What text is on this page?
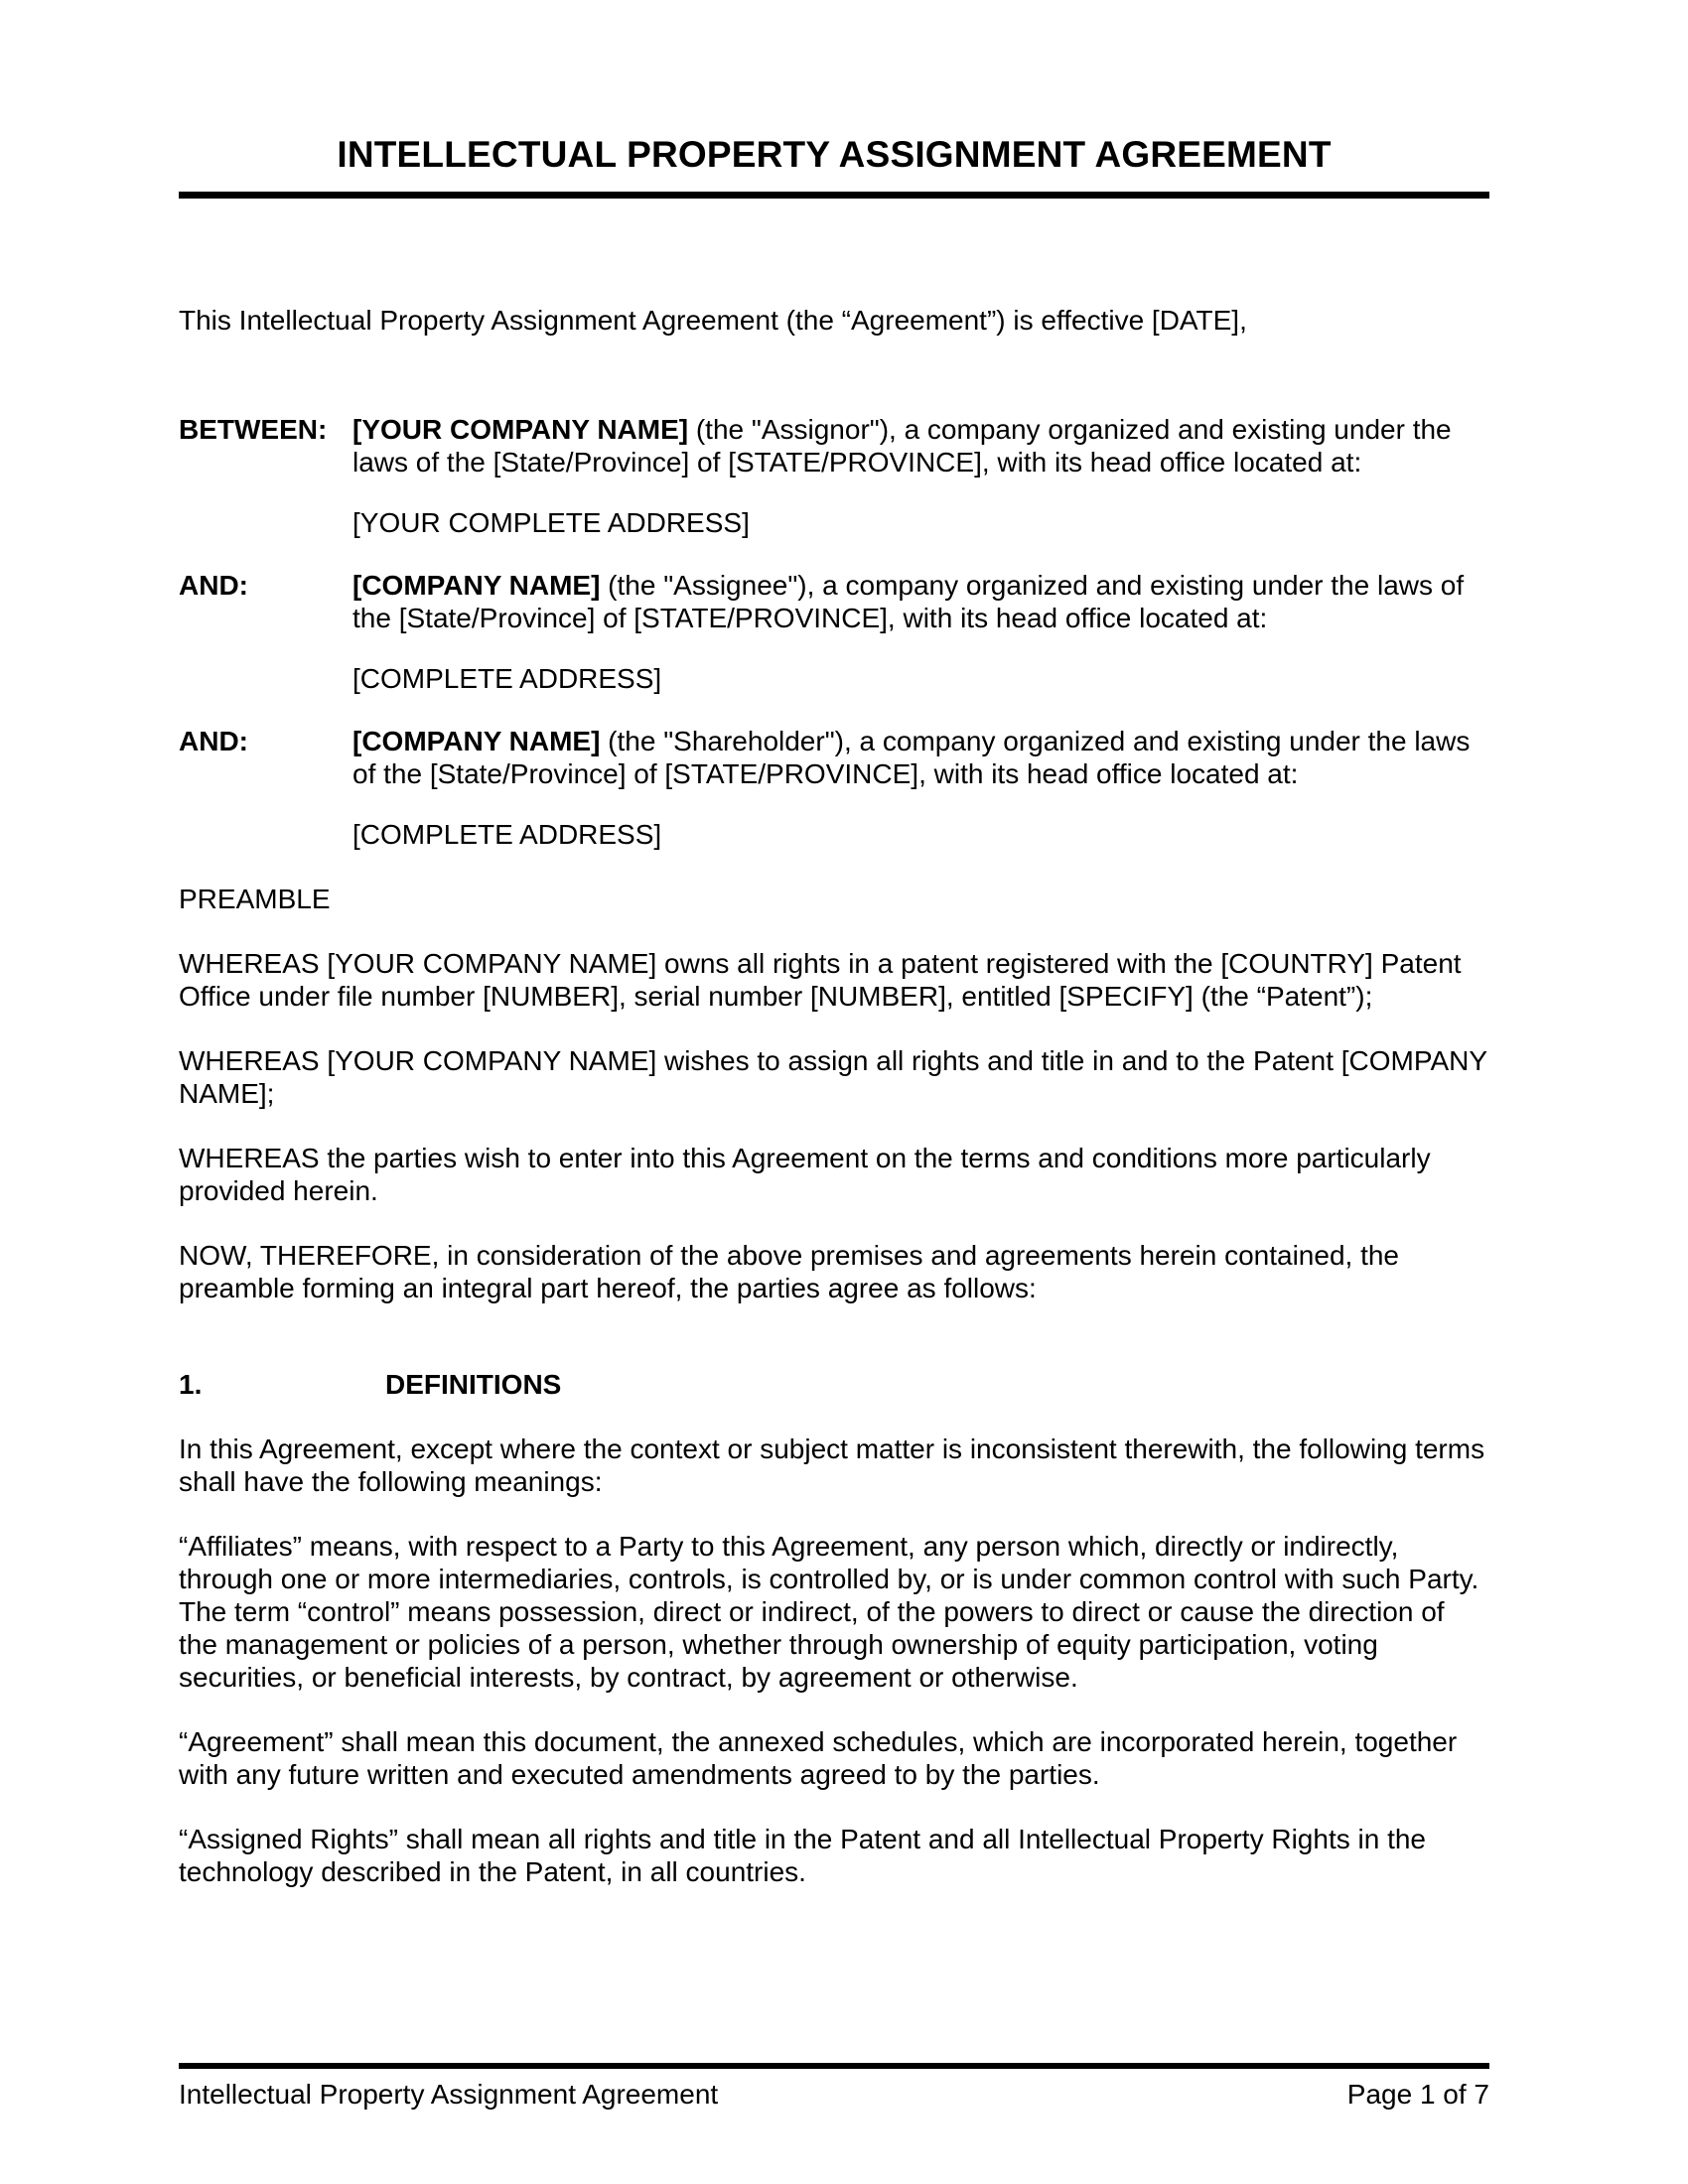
INTELLECTUAL PROPERTY ASSIGNMENT AGREEMENT

This Intellectual Property Assignment Agreement (the “Agreement”) is effective [DATE],

BETWEEN: [YOUR COMPANY NAME] (the "Assignor"), a company organized and existing under the laws of the [State/Province] of [STATE/PROVINCE], with its head office located at:

[YOUR COMPLETE ADDRESS]

AND:	[COMPANY NAME] (the "Assignee"), a company organized and existing under the laws of the [State/Province] of [STATE/PROVINCE], with its head office located at:

[COMPLETE ADDRESS]

AND:	[COMPANY NAME] (the "Shareholder"), a company organized and existing under the laws of the [State/Province] of [STATE/PROVINCE], with its head office located at:

[COMPLETE ADDRESS]

PREAMBLE

WHEREAS [YOUR COMPANY NAME] owns all rights in a patent registered with the [COUNTRY] Patent Office under file number [NUMBER], serial number [NUMBER], entitled [SPECIFY] (the “Patent”);

WHEREAS [YOUR COMPANY NAME] wishes to assign all rights and title in and to the Patent [COMPANY NAME];

WHEREAS the parties wish to enter into this Agreement on the terms and conditions more particularly provided herein.

NOW, THEREFORE, in consideration of the above premises and agreements herein contained, the preamble forming an integral part hereof, the parties agree as follows:

1.	DEFINITIONS

In this Agreement, except where the context or subject matter is inconsistent therewith, the following terms shall have the following meanings:

“Affiliates” means, with respect to a Party to this Agreement, any person which, directly or indirectly, through one or more intermediaries, controls, is controlled by, or is under common control with such Party. The term “control” means possession, direct or indirect, of the powers to direct or cause the direction of the management or policies of a person, whether through ownership of equity participation, voting securities, or beneficial interests, by contract, by agreement or otherwise.

“Agreement” shall mean this document, the annexed schedules, which are incorporated herein, together with any future written and executed amendments agreed to by the parties.

“Assigned Rights” shall mean all rights and title in the Patent and all Intellectual Property Rights in the technology described in the Patent, in all countries.

Intellectual Property Assignment Agreement	Page 1 of 7
